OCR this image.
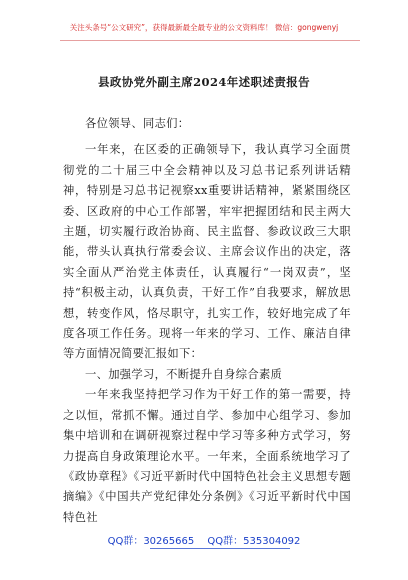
关注头条号“公文研究”，获得最新最全最专业的公文资料库！ 微信：gongwenyj
县政协党外副主席2024年述职述责报告

各位领导、同志们：

一年来，在区委的正确领导下，我认真学习全面贯彻党的二十届三中全会精神以及习总书记系列讲话精神，特别是习总书记视察xx重要讲话精神，紧紧围绕区委、区政府的中心工作部署，牢牢把握团结和民主两大主题，切实履行政治协商、民主监督、参政议政三大职能，带头认真执行常委会议、主席会议作出的决定，落实全面从严治党主体责任，认真履行“一岗双责”，坚持“积极主动，认真负责，干好工作”自我要求，解放思想，转变作风，恪尽职守，扎实工作，较好地完成了年度各项工作任务。现将一年来的学习、工作、廉洁自律等方面情况简要汇报如下：

一、加强学习，不断提升自身综合素质

一年来我坚持把学习作为干好工作的第一需要，持之以恒，常抓不懈。通过自学、参加中心组学习、参加集中培训和在调研视察过程中学习等多种方式学习，努力提高自身政策理论水平。一年来，全面系统地学习了《政协章程》《习近平新时代中国特色社会主义思想专题摘编》《中国共产党纪律处分条例》《习近平新时代中国特色社

QQ群：30265665 QQ群：535304092
